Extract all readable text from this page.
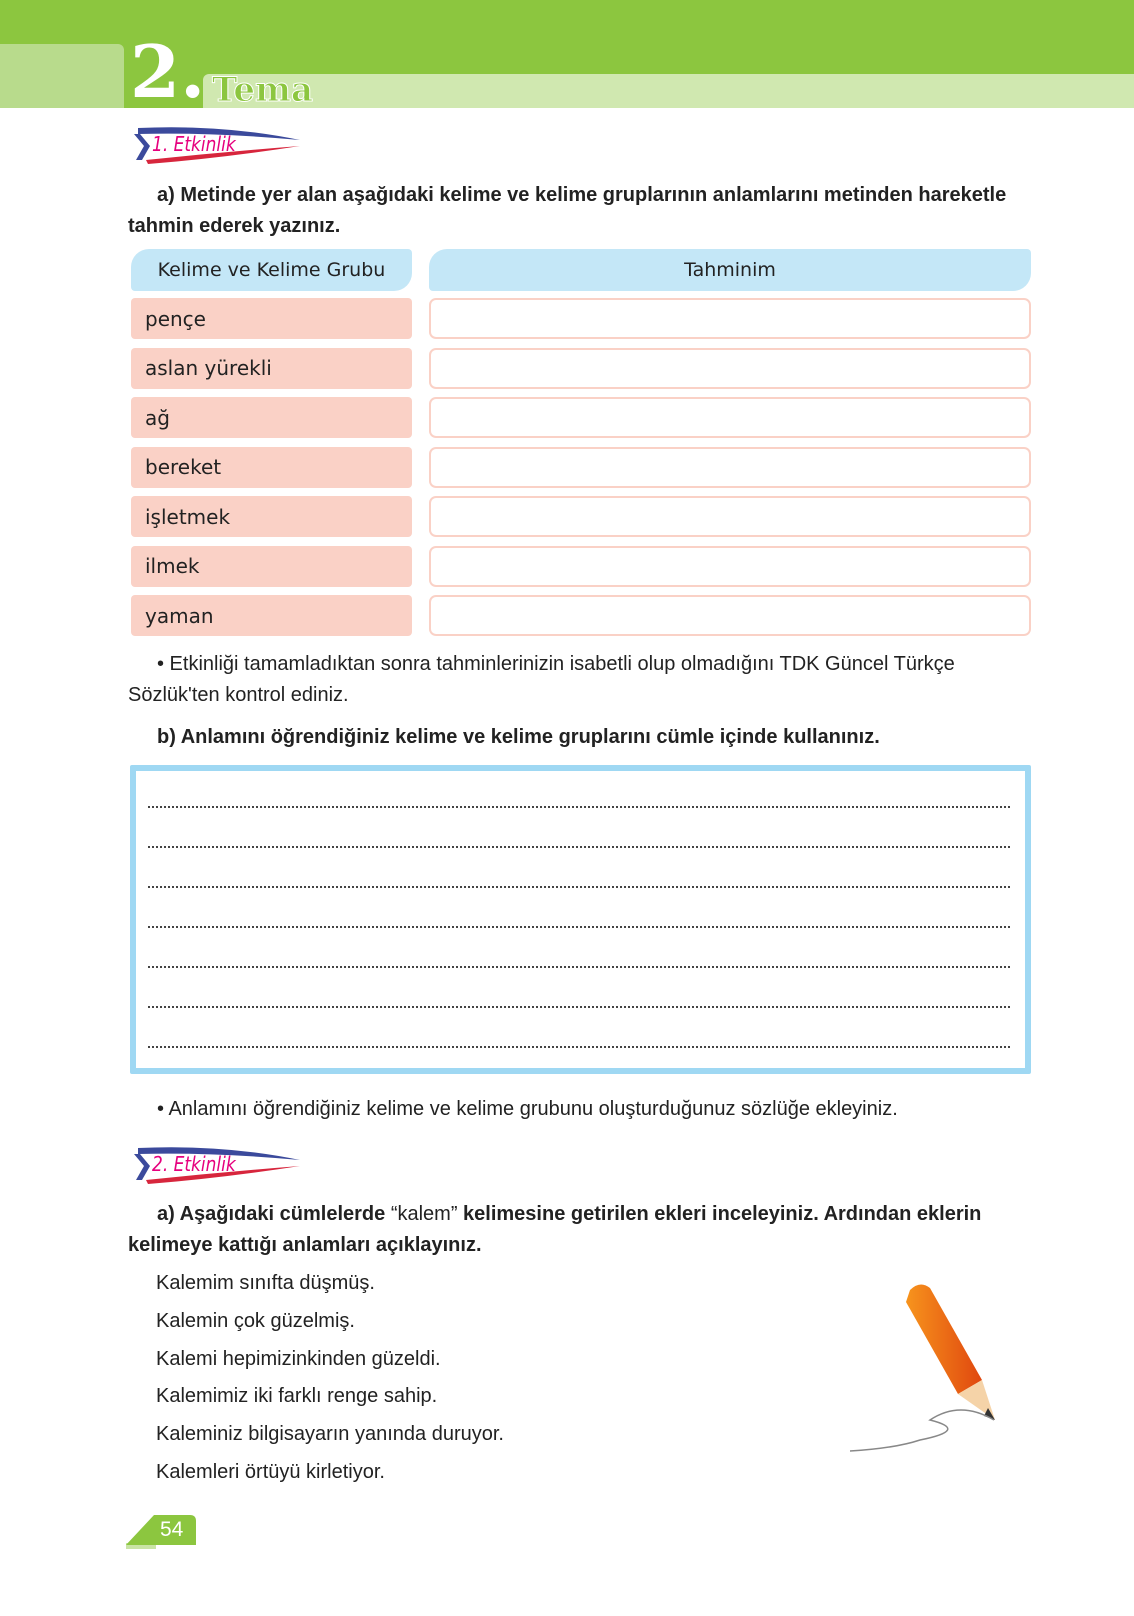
2. Tema
1. Etkinlik
a) Metinde yer alan aşağıdaki kelime ve kelime gruplarının anlamlarını metinden hareketle tahmin ederek yazınız.
Kelime ve Kelime Grubu	Tahminim
pençe
aslan yürekli
ağ
bereket
işletmek
ilmek
yaman
• Etkinliği tamamladıktan sonra tahminlerinizin isabetli olup olmadığını TDK Güncel Türkçe Sözlük'ten kontrol ediniz.
b) Anlamını öğrendiğiniz kelime ve kelime gruplarını cümle içinde kullanınız.
• Anlamını öğrendiğiniz kelime ve kelime grubunu oluşturduğunuz sözlüğe ekleyiniz.
2. Etkinlik
a) Aşağıdaki cümlelerde “kalem” kelimesine getirilen ekleri inceleyiniz. Ardından eklerin kelimeye kattığı anlamları açıklayınız.
Kalemim sınıfta düşmüş.
Kalemin çok güzelmiş.
Kalemi hepimizinkinden güzeldi.
Kalemimiz iki farklı renge sahip.
Kaleminiz bilgisayarın yanında duruyor.
Kalemleri örtüyü kirletiyor.
54
